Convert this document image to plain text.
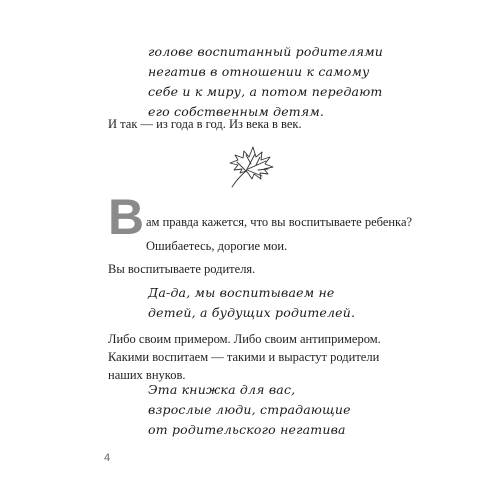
голове воспитанный родителями
негатив в отношении к самому
себе и к миру, а потом передают
его собственным детям.

И так — из года в год. Из века в век.

В ам правда кажется, что вы воспитываете ребенка?

Ошибаетесь, дорогие мои.

Вы воспитываете родителя.

Да-да, мы воспитываем не
детей, а будущих родителей.
Либо своим примером. Либо своим антипримером.
Какими воспитаем — такими и вырастут родители
наших внуков.
Эта книжка для вас,
взрослые люди, страдающие
от родительского негатива
4
